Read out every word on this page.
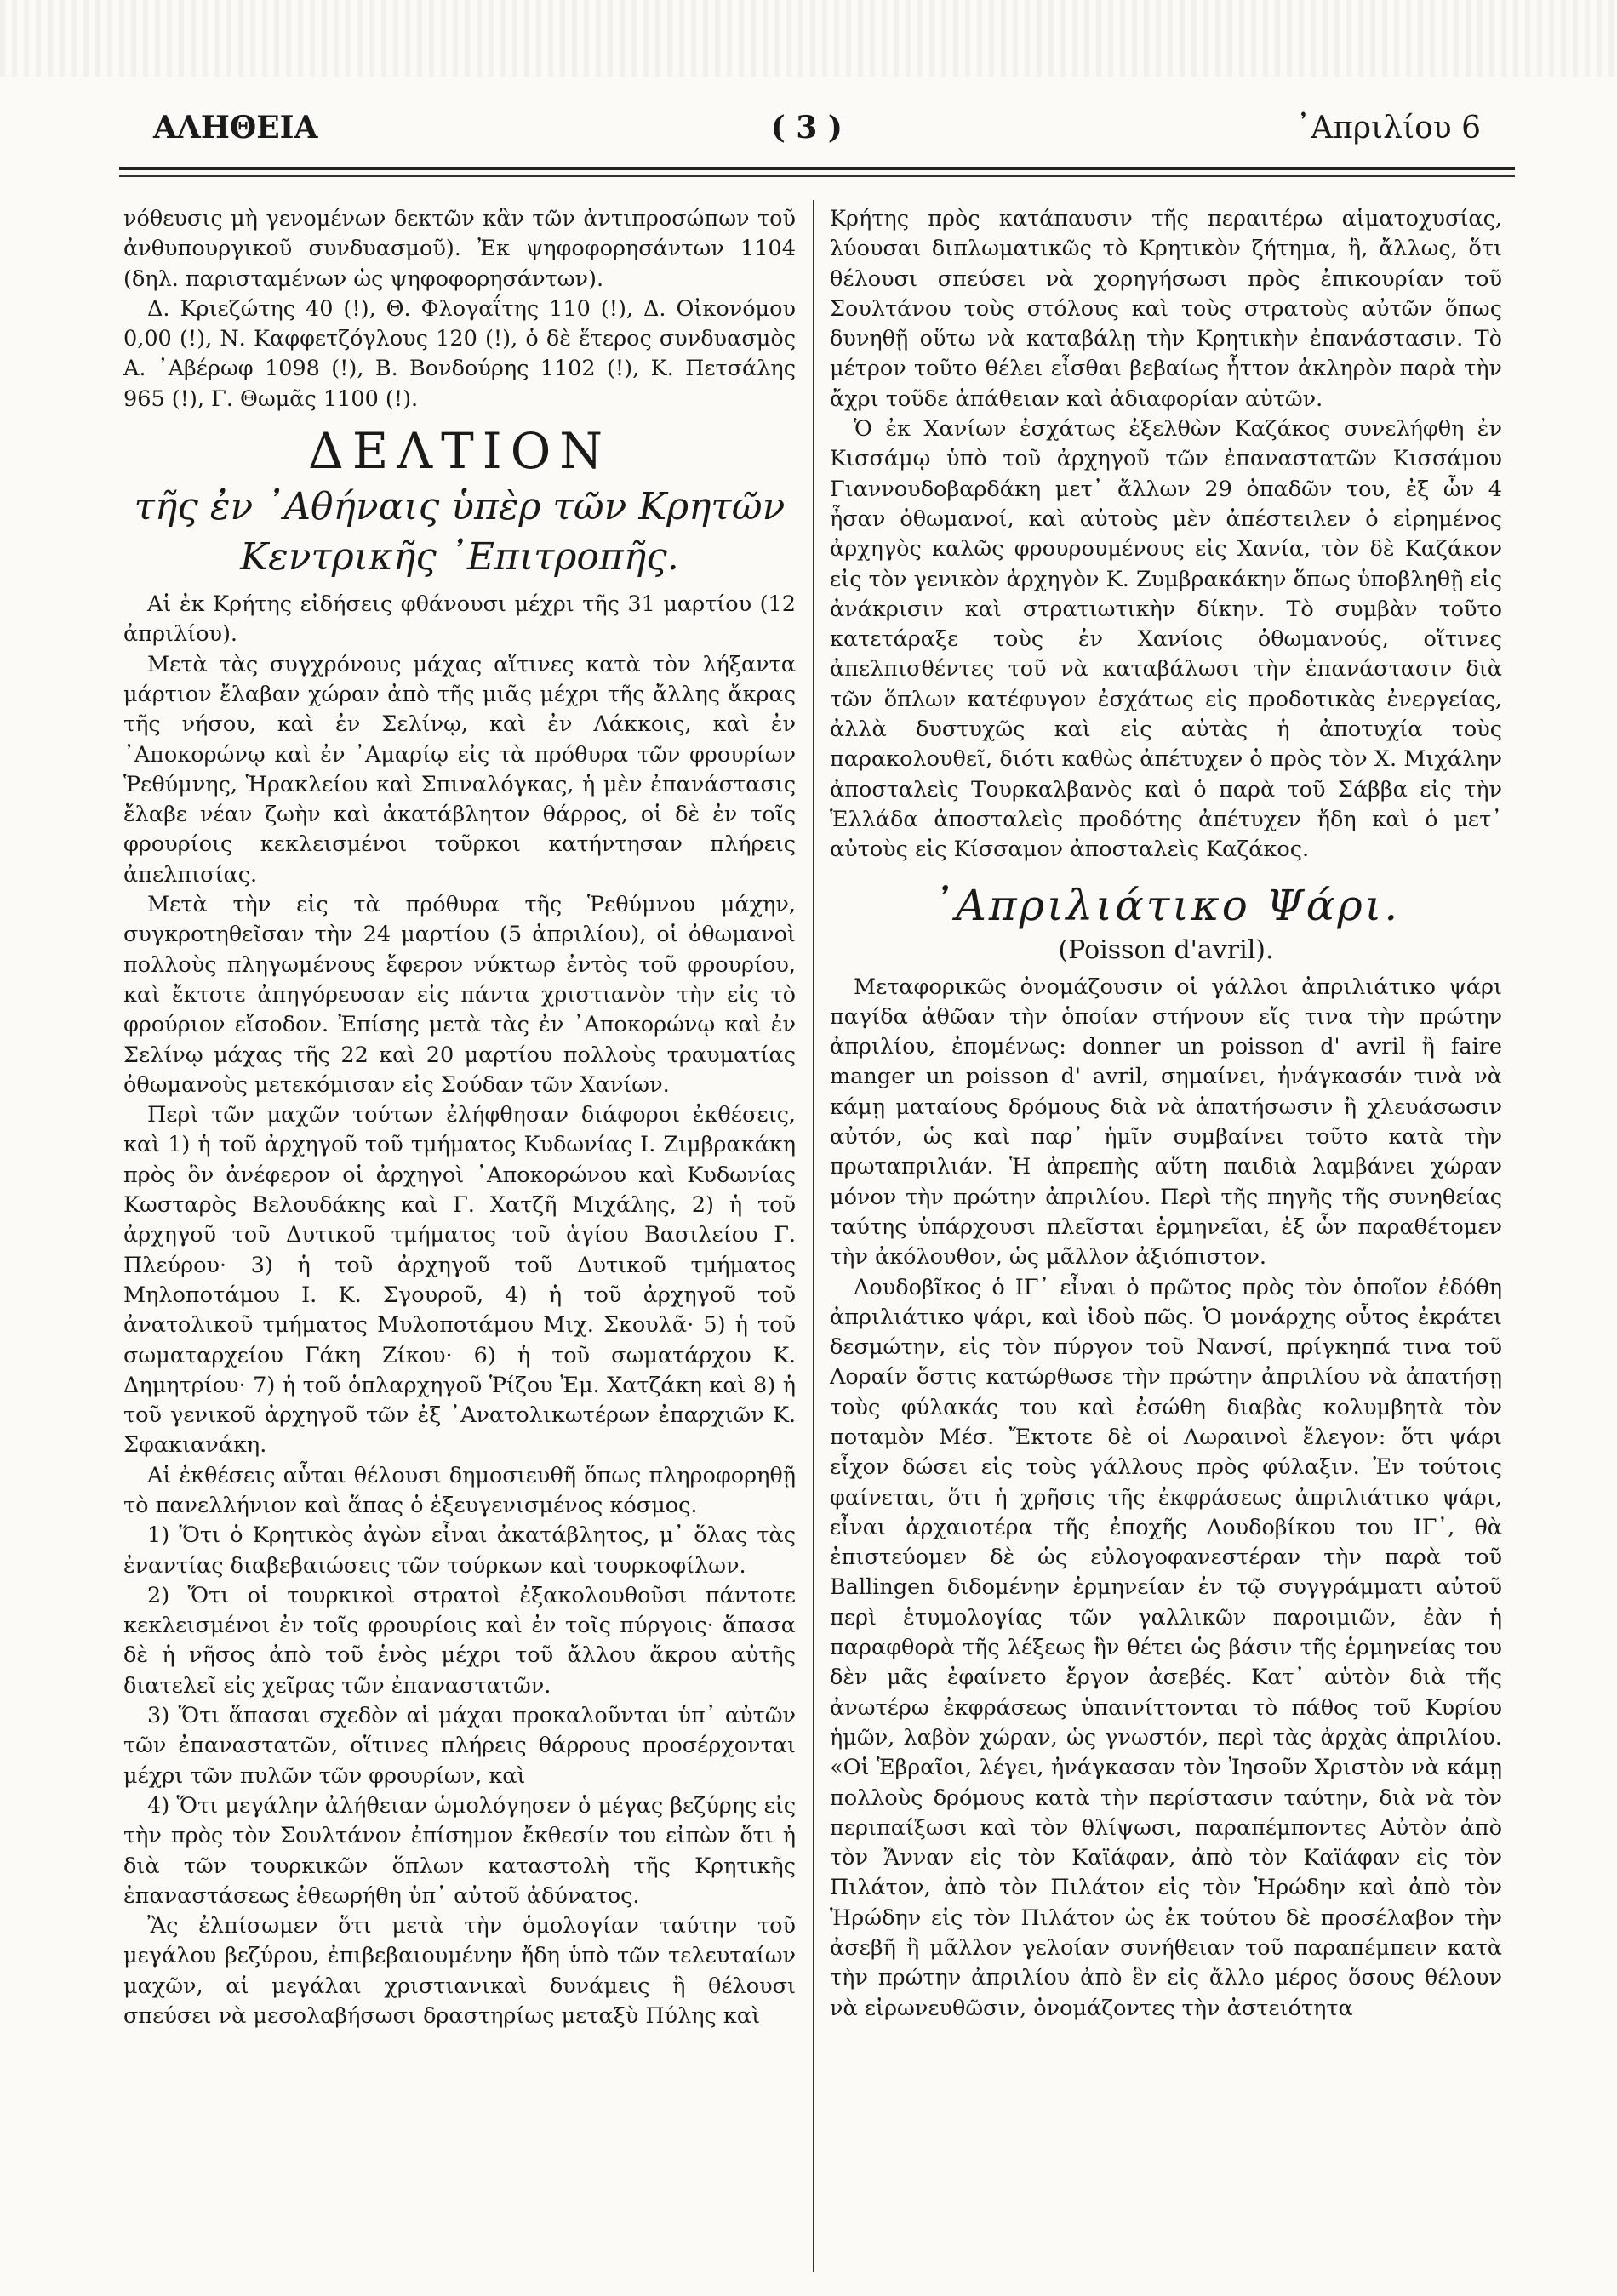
ΑΛΗΘΕΙΑ	( 3 )	᾿Απριλίου 6

νόθευσις μὴ γενομένων δεκτῶν κἂν τῶν ἀντιπροσώπων τοῦ ἀνθυπουργικοῦ συνδυασμοῦ). Ἐκ ψηφοφορησάντων 1104 (δηλ. παρισταμένων ὡς ψηφοφορησάντων).

Δ. Κριεζώτης 40 (!), Θ. Φλογαΐτης 110 (!), Δ. Οἰκονόμου 0,00 (!), Ν. Καφφετζόγλους 120 (!), ὁ δὲ ἕτερος συνδυασμὸς Α. ᾿Αβέρωφ 1098 (!), Β. Βονδούρης 1102 (!), Κ. Πετσάλης 965 (!), Γ. Θωμᾶς 1100 (!).

ΔΕΛΤΙΟΝ
τῆς ἐν ᾿Αθήναις ὑπὲρ τῶν Κρητῶν
Κεντρικῆς ᾿Επιτροπῆς.

Αἱ ἐκ Κρήτης εἰδήσεις φθάνουσι μέχρι τῆς 31 μαρτίου (12 ἀπριλίου).

Μετὰ τὰς συγχρόνους μάχας αἵτινες κατὰ τὸν λήξαντα μάρτιον ἔλαβαν χώραν ἀπὸ τῆς μιᾶς μέχρι τῆς ἄλλης ἄκρας τῆς νήσου, καὶ ἐν Σελίνῳ, καὶ ἐν Λάκκοις, καὶ ἐν ᾿Αποκορώνῳ καὶ ἐν ᾿Αμαρίῳ εἰς τὰ πρόθυρα τῶν φρουρίων Ῥεθύμνης, Ἡρακλείου καὶ Σπιναλόγκας, ἡ μὲν ἐπανάστασις ἔλαβε νέαν ζωὴν καὶ ἀκατάβλητον θάρρος, οἱ δὲ ἐν τοῖς φρουρίοις κεκλεισμένοι τοῦρκοι κατήντησαν πλήρεις ἀπελπισίας.

Μετὰ τὴν εἰς τὰ πρόθυρα τῆς Ῥεθύμνου μάχην, συγκροτηθεῖσαν τὴν 24 μαρτίου (5 ἀπριλίου), οἱ ὀθωμανοὶ πολλοὺς πληγωμένους ἔφερον νύκτωρ ἐντὸς τοῦ φρουρίου, καὶ ἔκτοτε ἀπηγόρευσαν εἰς πάντα χριστιανὸν τὴν εἰς τὸ φρούριον εἴσοδον. Ἐπίσης μετὰ τὰς ἐν ᾿Αποκορώνῳ καὶ ἐν Σελίνῳ μάχας τῆς 22 καὶ 20 μαρτίου πολλοὺς τραυματίας ὀθωμανοὺς μετεκόμισαν εἰς Σούδαν τῶν Χανίων.

Περὶ τῶν μαχῶν τούτων ἐλήφθησαν διάφοροι ἐκθέσεις, καὶ 1) ἡ τοῦ ἀρχηγοῦ τοῦ τμήματος Κυδωνίας Ι. Ζιμβρακάκη πρὸς ὃν ἀνέφερον οἱ ἀρχηγοὶ ᾿Αποκορώνου καὶ Κυδωνίας Κωσταρὸς Βελουδάκης καὶ Γ. Χατζῆ Μιχάλης, 2) ἡ τοῦ ἀρχηγοῦ τοῦ Δυτικοῦ τμήματος τοῦ ἁγίου Βασιλείου Γ. Πλεύρου· 3) ἡ τοῦ ἀρχηγοῦ τοῦ Δυτικοῦ τμήματος Μηλοποτάμου Ι. Κ. Σγουροῦ, 4) ἡ τοῦ ἀρχηγοῦ τοῦ ἀνατολικοῦ τμήματος Μυλοποτάμου Μιχ. Σκουλᾶ· 5) ἡ τοῦ σωματαρχείου Γάκη Ζίκου· 6) ἡ τοῦ σωματάρχου Κ. Δημητρίου· 7) ἡ τοῦ ὁπλαρχηγοῦ Ῥίζου Ἐμ. Χατζάκη καὶ 8) ἡ τοῦ γενικοῦ ἀρχηγοῦ τῶν ἐξ ᾿Ανατολικωτέρων ἐπαρχιῶν Κ. Σφακιανάκη.

Αἱ ἐκθέσεις αὗται θέλουσι δημοσιευθῆ ὅπως πληροφορηθῇ τὸ πανελλήνιον καὶ ἅπας ὁ ἐξευγενισμένος κόσμος.

1) Ὅτι ὁ Κρητικὸς ἀγὼν εἶναι ἀκατάβλητος, μ᾿ ὅλας τὰς ἐναντίας διαβεβαιώσεις τῶν τούρκων καὶ τουρκοφίλων.

2) Ὅτι οἱ τουρκικοὶ στρατοὶ ἐξακολουθοῦσι πάντοτε κεκλεισμένοι ἐν τοῖς φρουρίοις καὶ ἐν τοῖς πύργοις· ἅπασα δὲ ἡ νῆσος ἀπὸ τοῦ ἑνὸς μέχρι τοῦ ἄλλου ἄκρου αὐτῆς διατελεῖ εἰς χεῖρας τῶν ἐπαναστατῶν.

3) Ὅτι ἅπασαι σχεδὸν αἱ μάχαι προκαλοῦνται ὑπ᾿ αὐτῶν τῶν ἐπαναστατῶν, οἵτινες πλήρεις θάρρους προσέρχονται μέχρι τῶν πυλῶν τῶν φρουρίων, καὶ

4) Ὅτι μεγάλην ἀλήθειαν ὡμολόγησεν ὁ μέγας βεζύρης εἰς τὴν πρὸς τὸν Σουλτάνον ἐπίσημον ἔκθεσίν του εἰπὼν ὅτι ἡ διὰ τῶν τουρκικῶν ὅπλων καταστολὴ τῆς Κρητικῆς ἐπαναστάσεως ἐθεωρήθη ὑπ᾿ αὐτοῦ ἀδύνατος.

Ἂς ἐλπίσωμεν ὅτι μετὰ τὴν ὁμολογίαν ταύτην τοῦ μεγάλου βεζύρου, ἐπιβεβαιουμένην ἤδη ὑπὸ τῶν τελευταίων μαχῶν, αἱ μεγάλαι χριστιανικαὶ δυνάμεις ἢ θέλουσι σπεύσει νὰ μεσολαβήσωσι δραστηρίως μεταξὺ Πύλης καὶ

Κρήτης πρὸς κατάπαυσιν τῆς περαιτέρω αἱματοχυσίας, λύουσαι διπλωματικῶς τὸ Κρητικὸν ζήτημα, ἢ, ἄλλως, ὅτι θέλουσι σπεύσει νὰ χορηγήσωσι πρὸς ἐπικουρίαν τοῦ Σουλτάνου τοὺς στόλους καὶ τοὺς στρατοὺς αὐτῶν ὅπως δυνηθῇ οὕτω νὰ καταβάλῃ τὴν Κρητικὴν ἐπανάστασιν. Τὸ μέτρον τοῦτο θέλει εἶσθαι βεβαίως ἧττον ἀκληρὸν παρὰ τὴν ἄχρι τοῦδε ἀπάθειαν καὶ ἀδιαφορίαν αὐτῶν.

Ὁ ἐκ Χανίων ἐσχάτως ἐξελθὼν Καζάκος συνελήφθη ἐν Κισσάμῳ ὑπὸ τοῦ ἀρχηγοῦ τῶν ἐπαναστατῶν Κισσάμου Γιαννουδοβαρδάκη μετ᾿ ἄλλων 29 ὀπαδῶν του, ἐξ ὧν 4 ἦσαν ὀθωμανοί, καὶ αὐτοὺς μὲν ἀπέστειλεν ὁ εἰρημένος ἀρχηγὸς καλῶς φρουρουμένους εἰς Χανία, τὸν δὲ Καζάκον εἰς τὸν γενικὸν ἀρχηγὸν Κ. Ζυμβρακάκην ὅπως ὑποβληθῇ εἰς ἀνάκρισιν καὶ στρατιωτικὴν δίκην. Τὸ συμβὰν τοῦτο κατετάραξε τοὺς ἐν Χανίοις ὀθωμανούς, οἵτινες ἀπελπισθέντες τοῦ νὰ καταβάλωσι τὴν ἐπανάστασιν διὰ τῶν ὅπλων κατέφυγον ἐσχάτως εἰς προδοτικὰς ἐνεργείας, ἀλλὰ δυστυχῶς καὶ εἰς αὐτὰς ἡ ἀποτυχία τοὺς παρακολουθεῖ, διότι καθὼς ἀπέτυχεν ὁ πρὸς τὸν Χ. Μιχάλην ἀποσταλεὶς Τουρκαλβανὸς καὶ ὁ παρὰ τοῦ Σάββα εἰς τὴν Ἑλλάδα ἀποσταλεὶς προδότης ἀπέτυχεν ἤδη καὶ ὁ μετ᾿ αὐτοὺς εἰς Κίσσαμον ἀποσταλεὶς Καζάκος.

᾿Απριλιάτικο Ψάρι.
(Poisson d'avril).

Μεταφορικῶς ὀνομάζουσιν οἱ γάλλοι ἀπριλιάτικο ψάρι παγίδα ἀθῶαν τὴν ὁποίαν στήνουν εἴς τινα τὴν πρώτην ἀπριλίου, ἐπομένως: donner un poisson d' avril ἢ faire manger un poisson d' avril, σημαίνει, ἠνάγκασάν τινὰ νὰ κάμῃ ματαίους δρόμους διὰ νὰ ἀπατήσωσιν ἢ χλευάσωσιν αὐτόν, ὡς καὶ παρ᾿ ἡμῖν συμβαίνει τοῦτο κατὰ τὴν πρωταπριλιάν. Ἡ ἀπρεπὴς αὕτη παιδιὰ λαμβάνει χώραν μόνον τὴν πρώτην ἀπριλίου. Περὶ τῆς πηγῆς τῆς συνηθείας ταύτης ὑπάρχουσι πλεῖσται ἑρμηνεῖαι, ἐξ ὧν παραθέτομεν τὴν ἀκόλουθον, ὡς μᾶλλον ἀξιόπιστον.

Λουδοβῖκος ὁ ΙΓ᾿ εἶναι ὁ πρῶτος πρὸς τὸν ὁποῖον ἐδόθη ἀπριλιάτικο ψάρι, καὶ ἰδοὺ πῶς. Ὁ μονάρχης οὗτος ἐκράτει δεσμώτην, εἰς τὸν πύργον τοῦ Νανσί, πρίγκηπά τινα τοῦ Λοραίν ὅστις κατώρθωσε τὴν πρώτην ἀπριλίου νὰ ἀπατήσῃ τοὺς φύλακάς του καὶ ἐσώθη διαβὰς κολυμβητὰ τὸν ποταμὸν Μέσ. Ἔκτοτε δὲ οἱ Λωραινοὶ ἔλεγον: ὅτι ψάρι εἶχον δώσει εἰς τοὺς γάλλους πρὸς φύλαξιν. Ἐν τούτοις φαίνεται, ὅτι ἡ χρῆσις τῆς ἐκφράσεως ἀπριλιάτικο ψάρι, εἶναι ἀρχαιοτέρα τῆς ἐποχῆς Λουδοβίκου του ΙΓ᾿, θὰ ἐπιστεύομεν δὲ ὡς εὐλογοφανεστέραν τὴν παρὰ τοῦ Ballingen διδομένην ἑρμηνείαν ἐν τῷ συγγράμματι αὐτοῦ περὶ ἑτυμολογίας τῶν γαλλικῶν παροιμιῶν, ἐὰν ἡ παραφθορὰ τῆς λέξεως ἣν θέτει ὡς βάσιν τῆς ἑρμηνείας του δὲν μᾶς ἐφαίνετο ἔργον ἀσεβές. Κατ᾿ αὐτὸν διὰ τῆς ἀνωτέρω ἐκφράσεως ὑπαινίττονται τὸ πάθος τοῦ Κυρίου ἡμῶν, λαβὸν χώραν, ὡς γνωστόν, περὶ τὰς ἀρχὰς ἀπριλίου. «Οἱ Ἑβραῖοι, λέγει, ἠνάγκασαν τὸν Ἰησοῦν Χριστὸν νὰ κάμῃ πολλοὺς δρόμους κατὰ τὴν περίστασιν ταύτην, διὰ νὰ τὸν περιπαίξωσι καὶ τὸν θλίψωσι, παραπέμποντες Αὐτὸν ἀπὸ τὸν Ἄνναν εἰς τὸν Καϊάφαν, ἀπὸ τὸν Καϊάφαν εἰς τὸν Πιλάτον, ἀπὸ τὸν Πιλάτον εἰς τὸν Ἡρώδην καὶ ἀπὸ τὸν Ἡρώδην εἰς τὸν Πιλάτον ὡς ἐκ τούτου δὲ προσέλαβον τὴν ἀσεβῆ ἢ μᾶλλον γελοίαν συνήθειαν τοῦ παραπέμπειν κατὰ τὴν πρώτην ἀπριλίου ἀπὸ ἓν εἰς ἄλλο μέρος ὅσους θέλουν νὰ εἰρωνευθῶσιν, ὀνομάζοντες τὴν ἀστειότητα
